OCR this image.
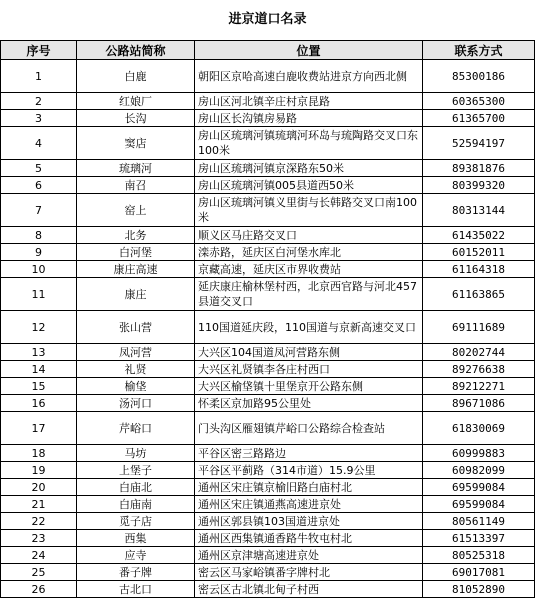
进京道口名录
序号	公路站简称	位置	联系方式
1	白鹿	朝阳区京哈高速白鹿收费站进京方向西北侧	85300186
2	红娘厂	房山区河北镇辛庄村京昆路	60365300
3	长沟	房山区长沟镇房易路	61365700
4	窦店	房山区琉璃河镇琉璃河环岛与琉陶路交叉口东100米	52594197
5	琉璃河	房山区琉璃河镇京深路东50米	89381876
6	南召	房山区琉璃河镇005县道西50米	80399320
7	窑上	房山区琉璃河镇义里街与长韩路交叉口南100米	80313144
8	北务	顺义区马庄路交叉口	61435022
9	白河堡	滦赤路，延庆区白河堡水库北	60152011
10	康庄高速	京藏高速，延庆区市界收费站	61164318
11	康庄	延庆康庄榆林堡村西，北京西官路与河北457县道交叉口	61163865
12	张山营	110国道延庆段，110国道与京新高速交叉口	69111689
13	凤河营	大兴区104国道凤河营路东侧	80202744
14	礼贤	大兴区礼贤镇李各庄村西口	89276638
15	榆垡	大兴区榆垡镇十里堡京开公路东侧	89212271
16	汤河口	怀柔区京加路95公里处	89671086
17	芹峪口	门头沟区雁翅镇芹峪口公路综合检查站	61830069
18	马坊	平谷区密三路路边	60999883
19	上堡子	平谷区平蓟路（314市道）15.9公里	60982099
20	白庙北	通州区宋庄镇京榆旧路白庙村北	69599084
21	白庙南	通州区宋庄镇通燕高速进京处	69599084
22	觅子店	通州区郭县镇103国道进京处	80561149
23	西集	通州区西集镇通香路牛牧屯村北	61513397
24	应寺	通州区京津塘高速进京处	80525318
25	番子牌	密云区马家峪镇番字牌村北	69017081
26	古北口	密云区古北镇北甸子村西	81052890
